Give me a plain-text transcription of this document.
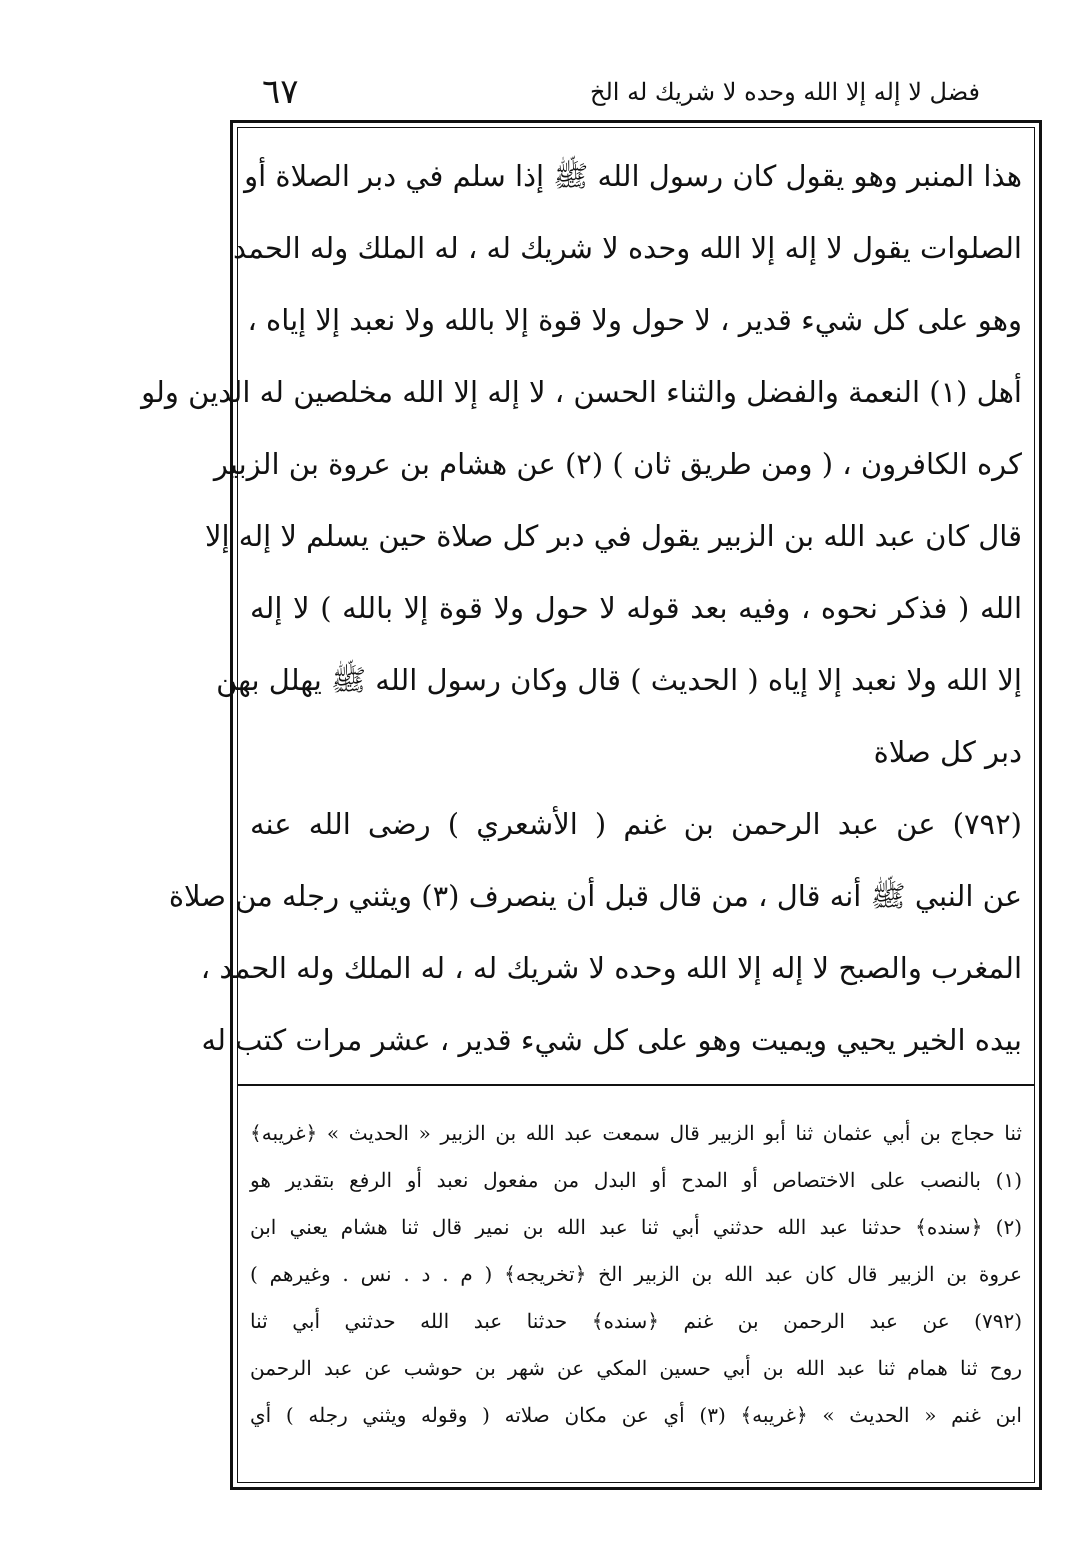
٦٧	فضل لا إله إلا الله وحده لا شريك له الخ
هذا المنبر وهو يقول كان رسول الله ﷺ إذا سلم في دبر الصلاة أو
الصلوات يقول لا إله إلا الله وحده لا شريك له ، له الملك وله الحمد
وهو على كل شيء قدير ، لا حول ولا قوة إلا بالله ولا نعبد إلا إياه ،
أهل (١) النعمة والفضل والثناء الحسن ، لا إله إلا الله مخلصين له الدين ولو
كره الكافرون ، ( ومن طريق ثان ) (٢) عن هشام بن عروة بن الزبير
قال كان عبد الله بن الزبير يقول في دبر كل صلاة حين يسلم لا إله إلا
الله ( فذكر نحوه ، وفيه بعد قوله لا حول ولا قوة إلا بالله ) لا إله
إلا الله ولا نعبد إلا إياه ( الحديث ) قال وكان رسول الله ﷺ يهلل بهن
دبر كل صلاة
(٧٩٢) عن عبد الرحمن بن غنم ( الأشعري ) رضى الله عنه
عن النبي ﷺ أنه قال ، من قال قبل أن ينصرف (٣) ويثني رجله من صلاة
المغرب والصبح لا إله إلا الله وحده لا شريك له ، له الملك وله الحمد ،
بيده الخير يحيي ويميت وهو على كل شيء قدير ، عشر مرات كتب له
ثنا حجاج بن أبي عثمان ثنا أبو الزبير قال سمعت عبد الله بن الزبير « الحديث » ﴿غريبه﴾
(١) بالنصب على الاختصاص أو المدح أو البدل من مفعول نعبد أو الرفع بتقدير هو
(٢) ﴿سنده﴾ حدثنا عبد الله حدثني أبي ثنا عبد الله بن نمير قال ثنا هشام يعني ابن
عروة بن الزبير قال كان عبد الله بن الزبير الخ ﴿تخريجه﴾ ( م . د . نس . وغيرهم )
(٧٩٢) عن عبد الرحمن بن غنم ﴿سنده﴾ حدثنا عبد الله حدثني أبي ثنا
روح ثنا همام ثنا عبد الله بن أبي حسين المكي عن شهر بن حوشب عن عبد الرحمن
ابن غنم « الحديث » ﴿غريبه﴾ (٣) أي عن مكان صلاته ( وقوله ويثني رجله ) أي
